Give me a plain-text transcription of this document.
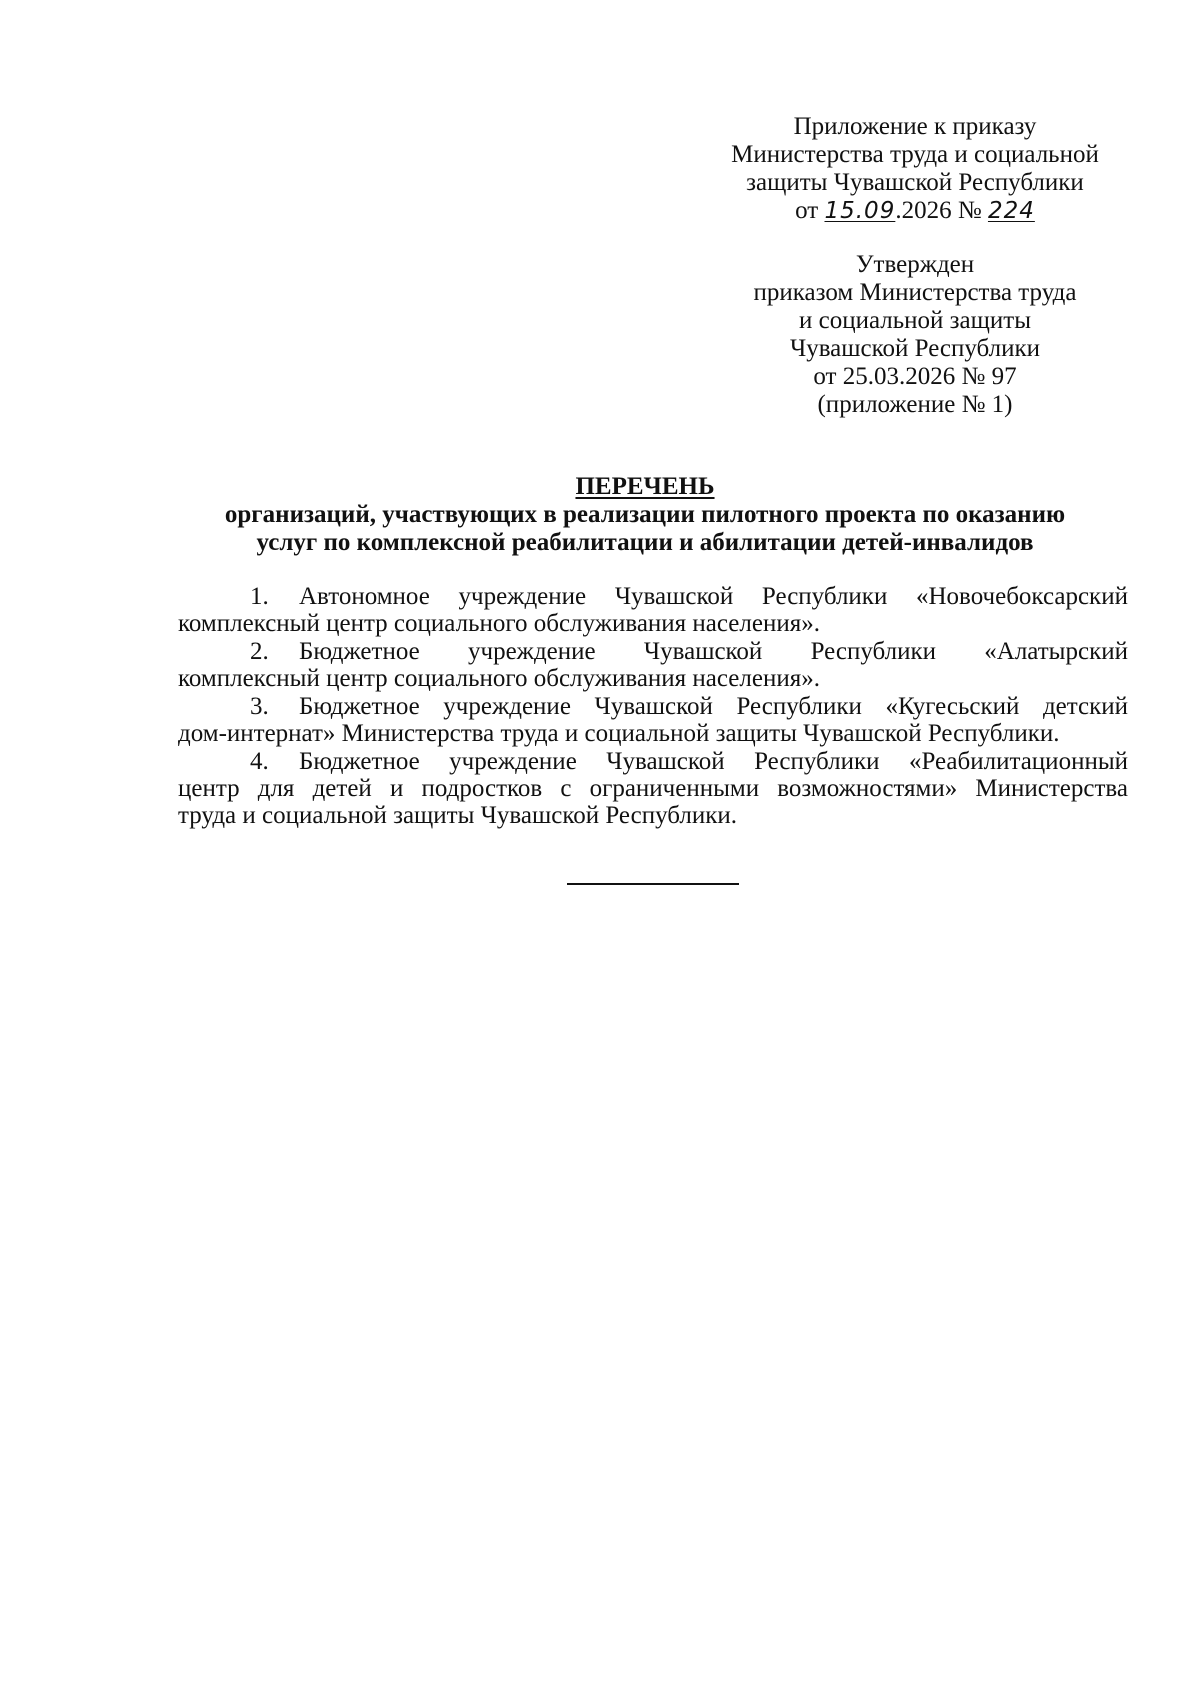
Приложение к приказу
Министерства труда и социальной
защиты Чувашской Республики
от 15.09.2026 № 224
Утвержден
приказом Министерства труда
и социальной защиты
Чувашской Республики
от 25.03.2026 № 97
(приложение № 1)
ПЕРЕЧЕНЬ
организаций, участвующих в реализации пилотного проекта по оказанию
услуг по комплексной реабилитации и абилитации детей-инвалидов
1.	Автономное учреждение Чувашской Республики «Новочебоксарский
комплексный центр социального обслуживания населения».
2.	Бюджетное учреждение Чувашской Республики «Алатырский
комплексный центр социального обслуживания населения».
3.	Бюджетное учреждение Чувашской Республики «Кугесьский детский
дом-интернат» Министерства труда и социальной защиты Чувашской Республики.
4.	Бюджетное учреждение Чувашской Республики «Реабилитационный
центр для детей и подростков с ограниченными возможностями» Министерства
труда и социальной защиты Чувашской Республики.
